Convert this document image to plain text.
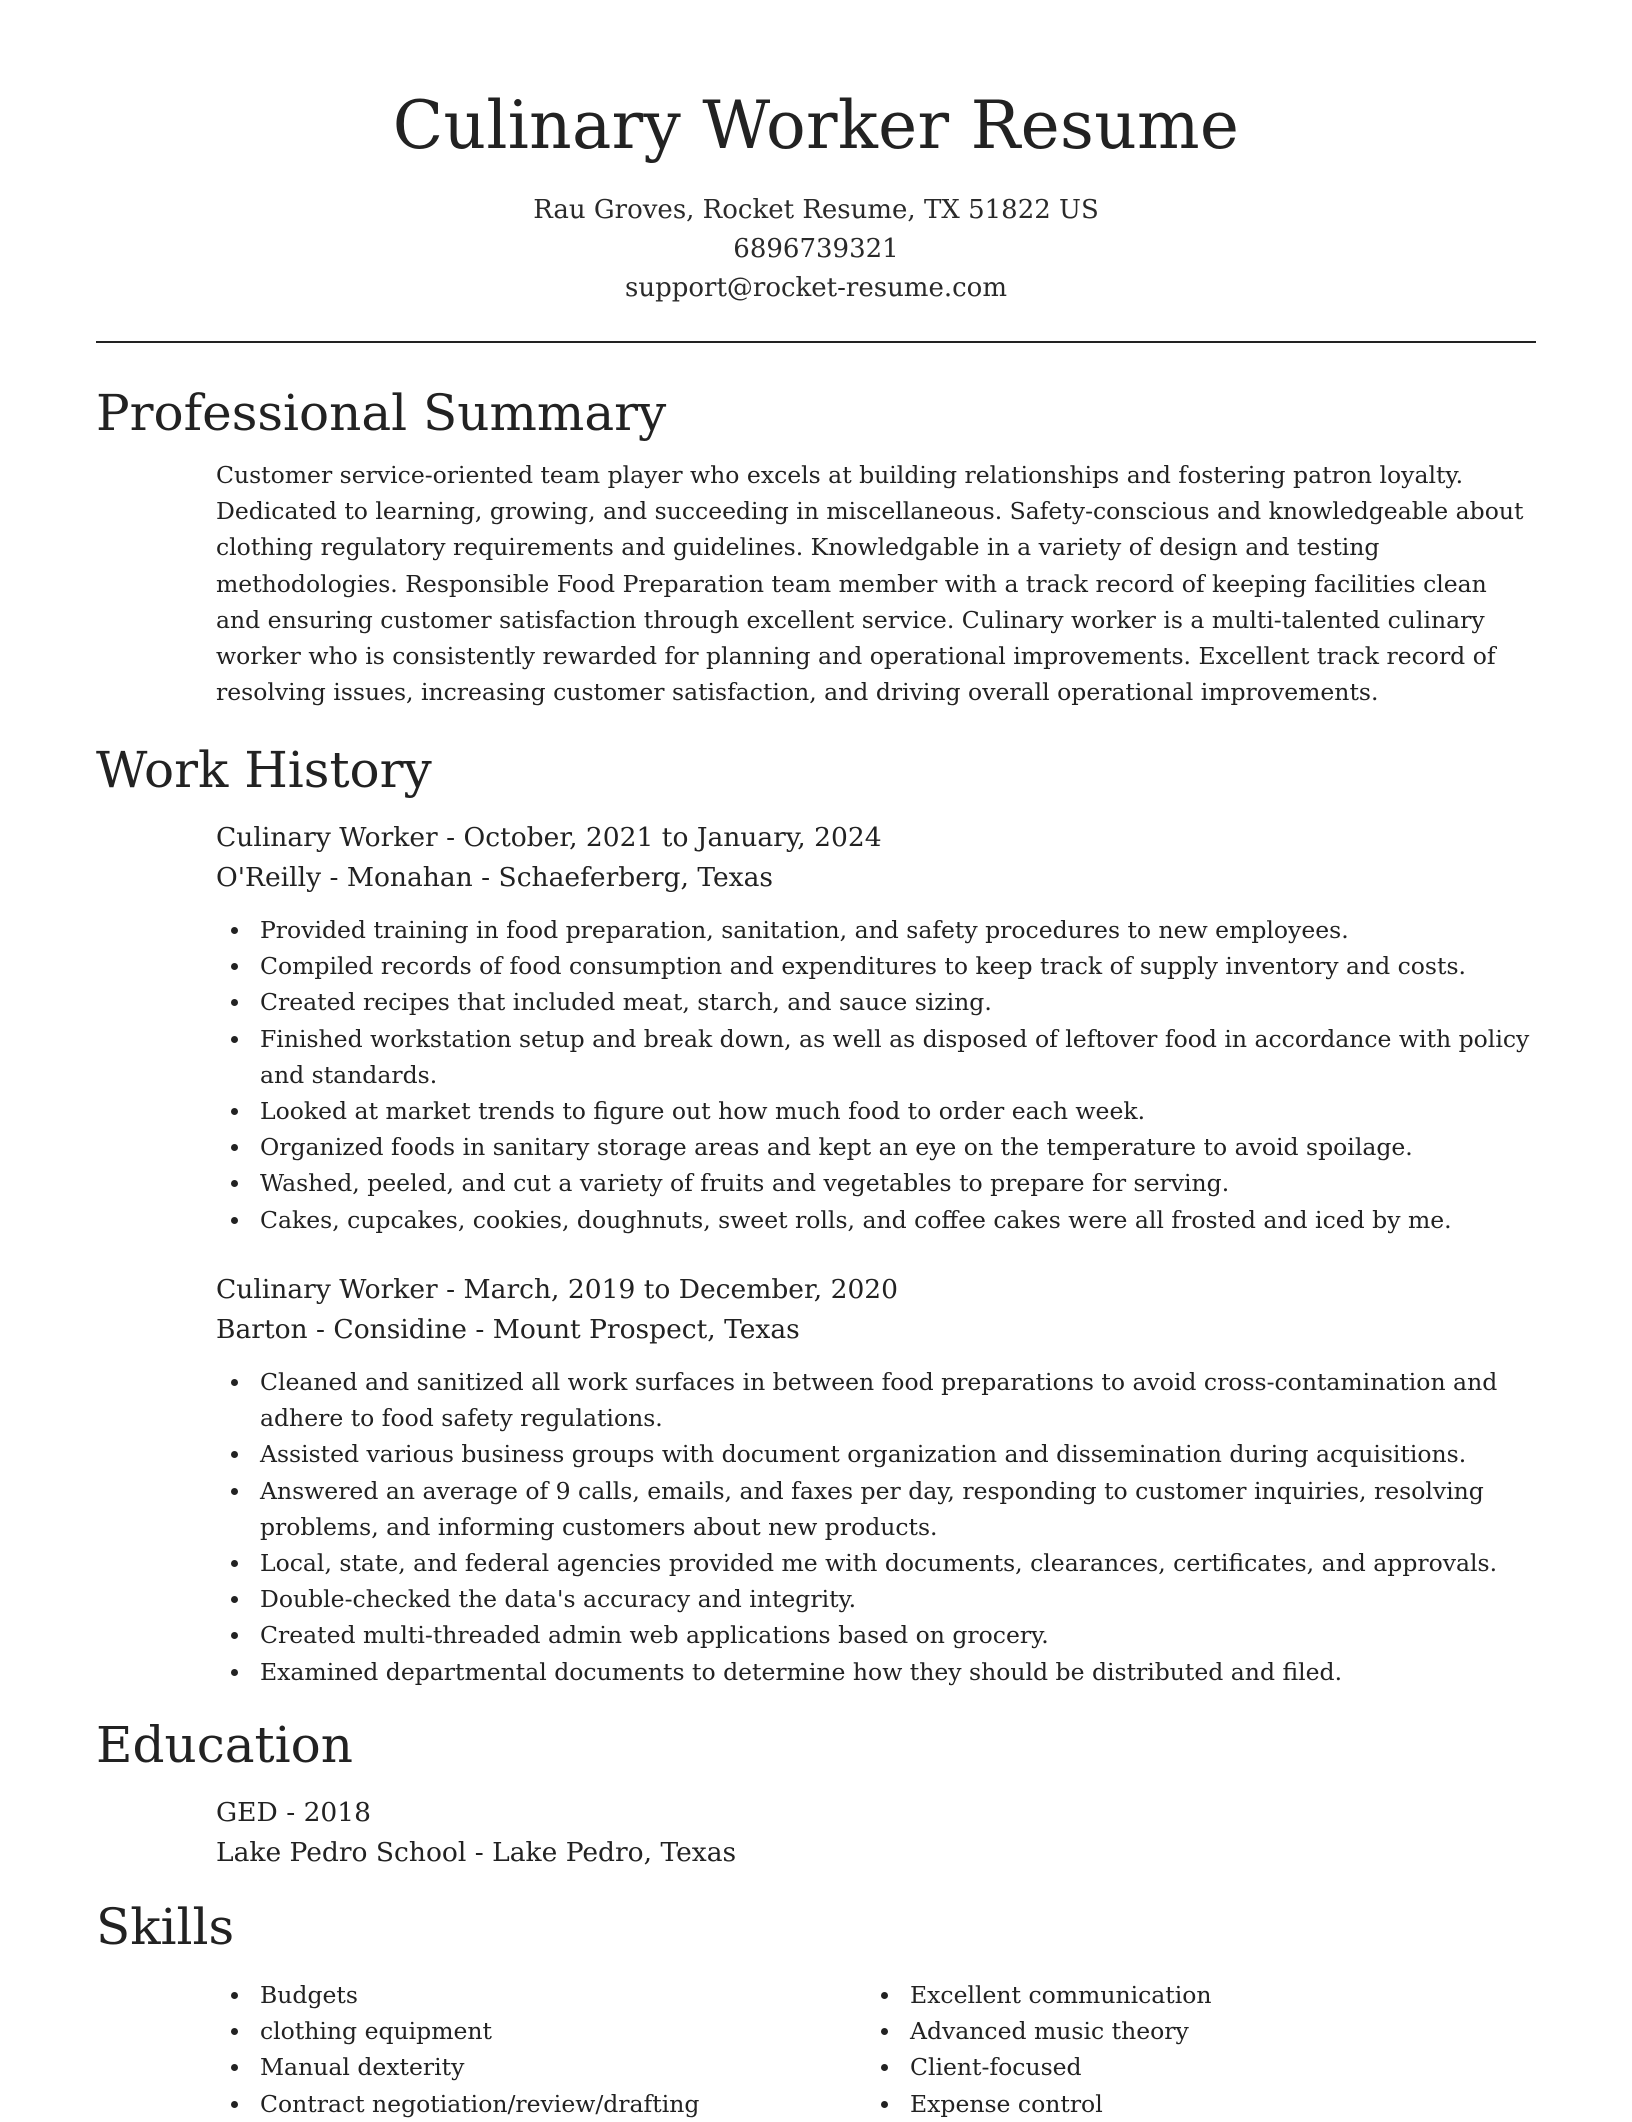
Culinary Worker Resume
Rau Groves, Rocket Resume, TX 51822 US
6896739321
support@rocket-resume.com
Professional Summary

Customer service-oriented team player who excels at building relationships and fostering patron loyalty. Dedicated to learning, growing, and succeeding in miscellaneous. Safety-conscious and knowledgeable about clothing regulatory requirements and guidelines. Knowledgable in a variety of design and testing methodologies. Responsible Food Preparation team member with a track record of keeping facilities clean and ensuring customer satisfaction through excellent service. Culinary worker is a multi-talented culinary worker who is consistently rewarded for planning and operational improvements. Excellent track record of resolving issues, increasing customer satisfaction, and driving overall operational improvements.

Work History
Culinary Worker - October, 2021 to January, 2024
O'Reilly - Monahan - Schaeferberg, Texas
Provided training in food preparation, sanitation, and safety procedures to new employees.
Compiled records of food consumption and expenditures to keep track of supply inventory and costs.
Created recipes that included meat, starch, and sauce sizing.
Finished workstation setup and break down, as well as disposed of leftover food in accordance with policy and standards.
Looked at market trends to figure out how much food to order each week.
Organized foods in sanitary storage areas and kept an eye on the temperature to avoid spoilage.
Washed, peeled, and cut a variety of fruits and vegetables to prepare for serving.
Cakes, cupcakes, cookies, doughnuts, sweet rolls, and coffee cakes were all frosted and iced by me.
Culinary Worker - March, 2019 to December, 2020
Barton - Considine - Mount Prospect, Texas
Cleaned and sanitized all work surfaces in between food preparations to avoid cross-contamination and adhere to food safety regulations.
Assisted various business groups with document organization and dissemination during acquisitions.
Answered an average of 9 calls, emails, and faxes per day, responding to customer inquiries, resolving problems, and informing customers about new products.
Local, state, and federal agencies provided me with documents, clearances, certificates, and approvals.
Double-checked the data's accuracy and integrity.
Created multi-threaded admin web applications based on grocery.
Examined departmental documents to determine how they should be distributed and filed.
Education
GED - 2018
Lake Pedro School - Lake Pedro, Texas
Skills
Budgets
clothing equipment
Manual dexterity
Contract negotiation/review/drafting
Excellent communication
Advanced music theory
Client-focused
Expense control
